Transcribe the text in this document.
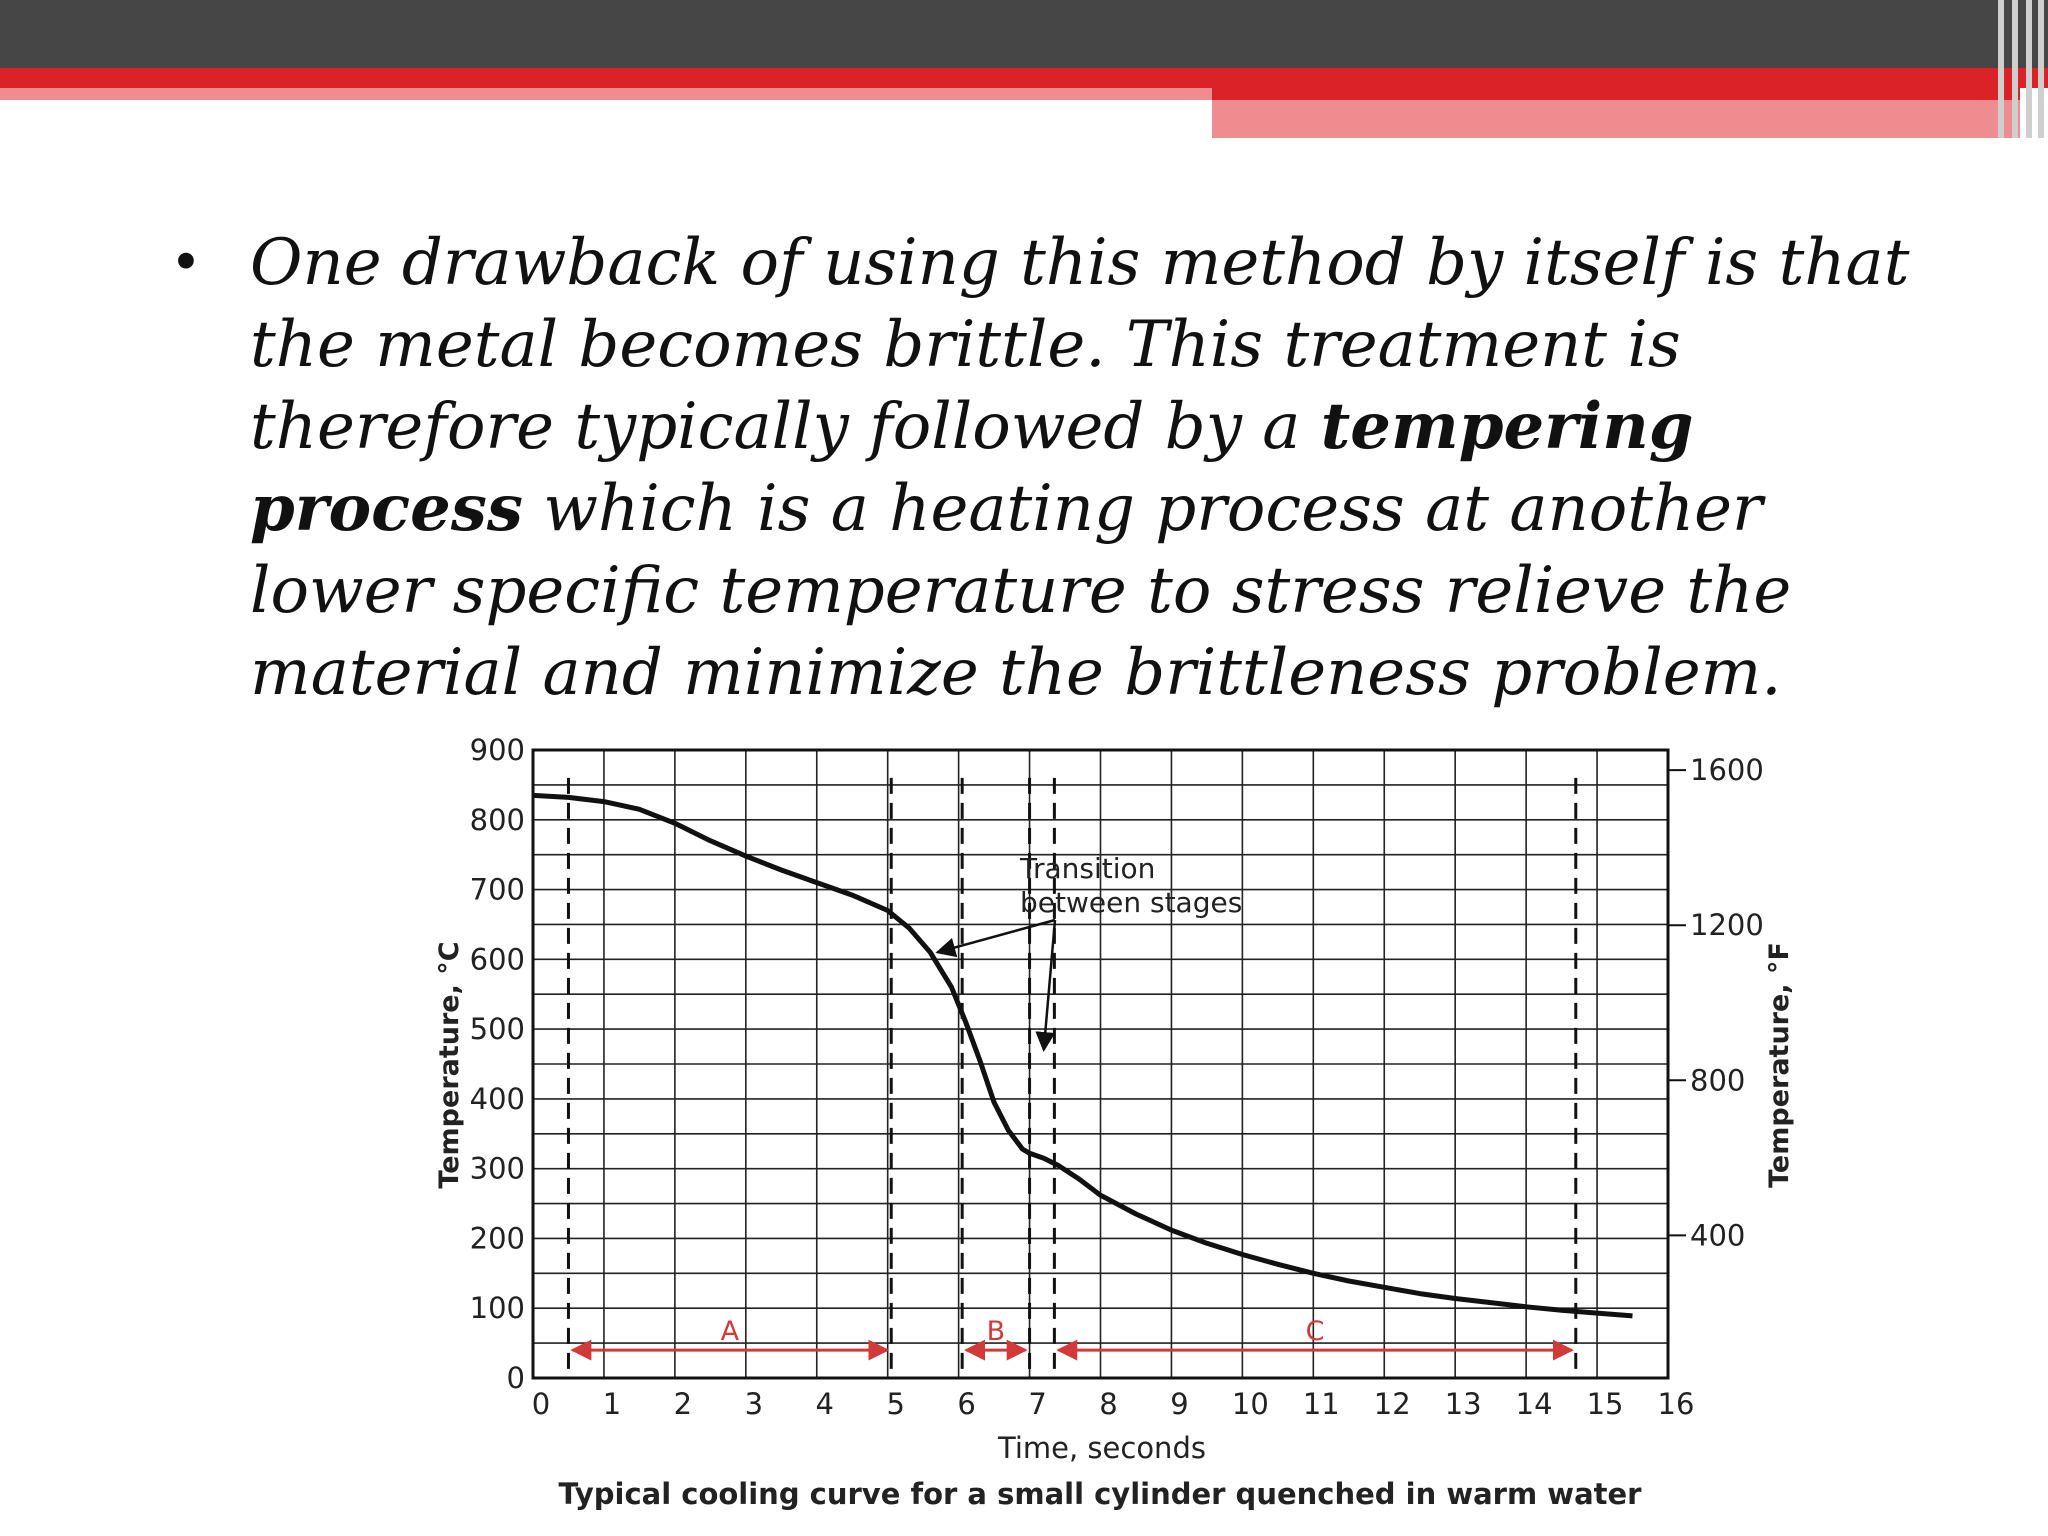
• One drawback of using this method by itself is that the metal becomes brittle. This treatment is therefore typically followed by a tempering process which is a heating process at another lower specific temperature to stress relieve the material and minimize the brittleness problem.
0
100
200
300
400
500
600
700
800
900
400
800
1200
1600
0 1 2 3 4 5 6 7 8 9 10 11 12 13 14 15 16
Time, seconds
Temperature, °C	Temperature, °F
Typical cooling curve for a small cylinder quenched in warm water
A	B	C
Transition
between stages
